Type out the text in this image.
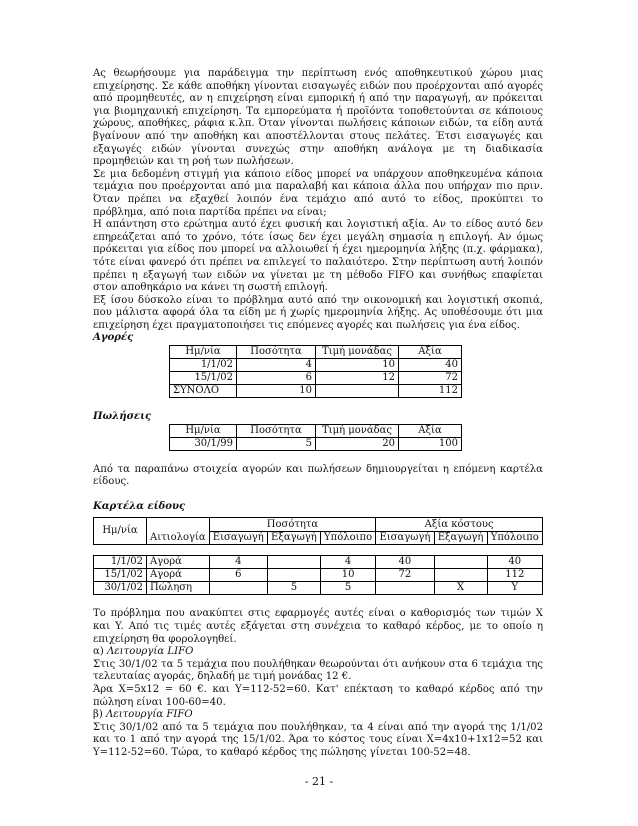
Ας θεωρήσουμε για παράδειγμα την περίπτωση ενός αποθηκευτικού χώρου μιας επιχείρησης. Σε κάθε αποθήκη γίνονται εισαγωγές ειδών που προέρχονται από αγορές από προμηθευτές, αν η επιχείρηση είναι εμπορική ή από την παραγωγή, αν πρόκειται για βιομηχανική επιχείρηση. Τα εμπορεύματα ή προϊόντα τοποθετούνται σε κάποιους χώρους, αποθήκες, ράφια κ.λπ. Όταν γίνονται πωλήσεις κάποιων ειδών, τα είδη αυτά βγαίνουν από την αποθήκη και αποστέλλονται στους πελάτες. Έτσι εισαγωγές και εξαγωγές ειδών γίνονται συνεχώς στην αποθήκη ανάλογα με τη διαδικασία προμηθειών και τη ροή των πωλήσεων.

Σε μια δεδομένη στιγμή για κάποιο είδος μπορεί να υπάρχουν αποθηκευμένα κάποια τεμάχια που προέρχονται από μια παραλαβή και κάποια άλλα που υπήρχαν πιο πριν. Όταν πρέπει να εξαχθεί λοιπόν ένα τεμάχιο από αυτό το είδος, προκύπτει το πρόβλημα, από ποια παρτίδα πρέπει να είναι;

Η απάντηση στο ερώτημα αυτό έχει φυσική και λογιστική αξία. Αν το είδος αυτό δεν επηρεάζεται από το χρόνο, τότε ίσως δεν έχει μεγάλη σημασία η επιλογή. Αν όμως πρόκειται για είδος που μπορεί να αλλοιωθεί ή έχει ημερομηνία λήξης (π.χ. φάρμακα), τότε είναι φανερό ότι πρέπει να επιλεγεί το παλαιότερο. Στην περίπτωση αυτή λοιπόν πρέπει η εξαγωγή των ειδών να γίνεται με τη μέθοδο FIFO και συνήθως επαφίεται στον αποθηκάριο να κάνει τη σωστή επιλογή.

Εξ ίσου δύσκολο είναι το πρόβλημα αυτό από την οικονομική και λογιστική σκοπιά, που μάλιστα αφορά όλα τα είδη με ή χωρίς ημερομηνία λήξης. Ας υποθέσουμε ότι μια επιχείρηση έχει πραγματοποιήσει τις επόμενες αγορές και πωλήσεις για ένα είδος.

Αγορές
Ημ/νία	Ποσότητα	Τιμή μονάδας	Αξία
1/1/02	4	10	40
15/1/02	6	12	72
ΣΥΝΟΛΟ	10		112
Πωλήσεις
Ημ/νία	Ποσότητα	Τιμή μονάδας	Αξία
30/1/99	5	20	100

Από τα παραπάνω στοιχεία αγορών και πωλήσεων δημιουργείται η επόμενη καρτέλα είδους.

Καρτέλα είδους
Ημ/νία	Αιτιολογία	Ποσότητα			Αξία κόστους		
		Εισαγωγή	Εξαγωγή	Υπόλοιπο	Εισαγωγή	Εξαγωγή	Υπόλοιπο

1/1/02	Αγορά	4		4	40		40
15/1/02	Αγορά	6		10	72		112
30/1/02	Πώληση		5	5		X	Y

Το πρόβλημα που ανακύπτει στις εφαρμογές αυτές είναι ο καθορισμός των τιμών X και Y. Από τις τιμές αυτές εξάγεται στη συνέχεια το καθαρό κέρδος, με το οποίο η επιχείρηση θα φορολογηθεί.

α) Λειτουργία LIFO

Στις 30/1/02 τα 5 τεμάχια που πουλήθηκαν θεωρούνται ότι ανήκουν στα 6 τεμάχια της τελευταίας αγοράς, δηλαδή με τιμή μονάδας 12 €.

Άρα X=5x12 = 60 €. και Y=112-52=60. Κατ' επέκταση το καθαρό κέρδος από την πώληση είναι 100-60=40.

β) Λειτουργία FIFO

Στις 30/1/02 από τα 5 τεμάχια που πουλήθηκαν, τα 4 είναι από την αγορά της 1/1/02 και το 1 από την αγορά της 15/1/02. Άρα το κόστος τους είναι X=4x10+1x12=52 και Y=112-52=60. Τώρα, το καθαρό κέρδος της πώλησης γίνεται 100-52=48.

- 21 -
